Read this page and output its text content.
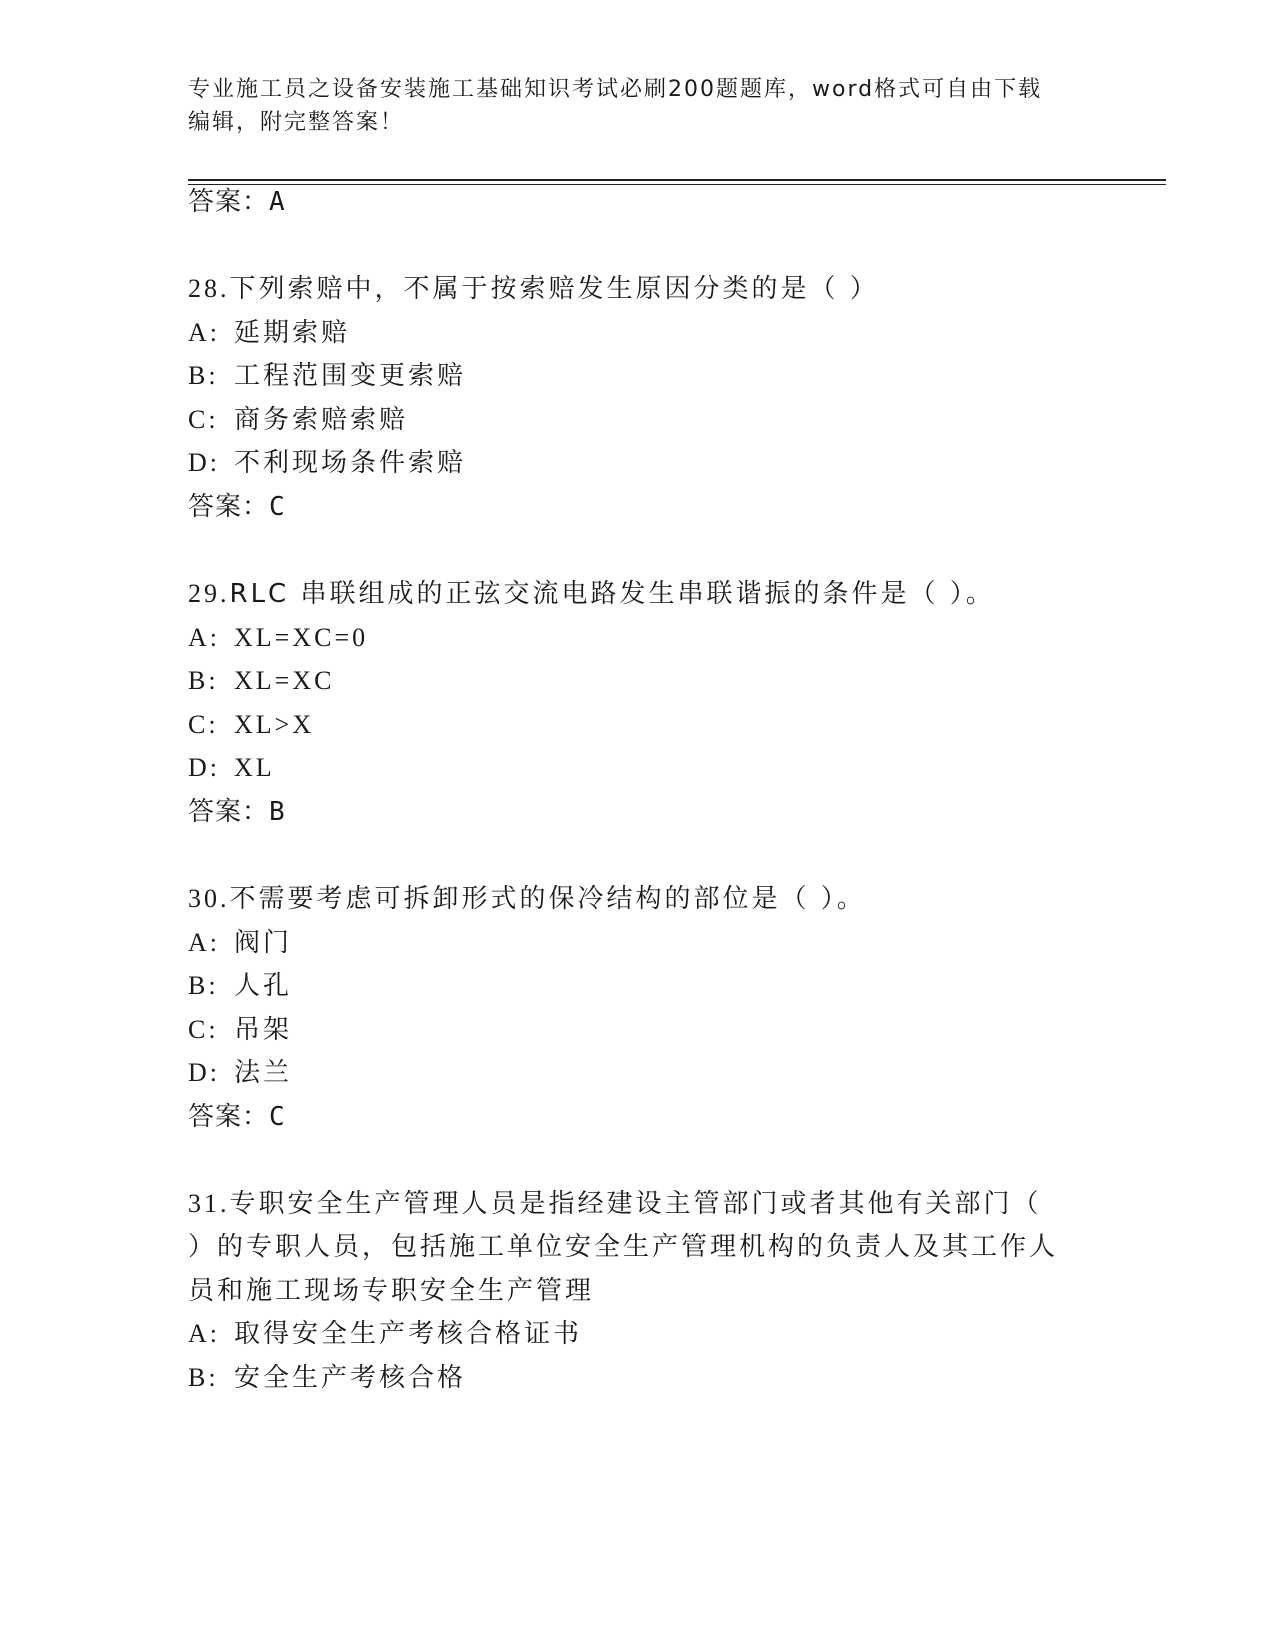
专业施工员之设备安装施工基础知识考试必刷200题题库，word格式可自由下载
编辑，附完整答案！
答案：A
28.下列索赔中，不属于按索赔发生原因分类的是（ ）
A: 延期索赔
B: 工程范围变更索赔
C: 商务索赔索赔
D: 不利现场条件索赔
答案：C
29.RLC 串联组成的正弦交流电路发生串联谐振的条件是（ ）。
A: XL=XC=0
B: XL=XC
C: XL>X
D: XL
答案：B
30.不需要考虑可拆卸形式的保冷结构的部位是（ ）。
A: 阀门
B: 人孔
C: 吊架
D: 法兰
答案：C
31.专职安全生产管理人员是指经建设主管部门或者其他有关部门（
）的专职人员，包括施工单位安全生产管理机构的负责人及其工作人
员和施工现场专职安全生产管理
A: 取得安全生产考核合格证书
B: 安全生产考核合格
